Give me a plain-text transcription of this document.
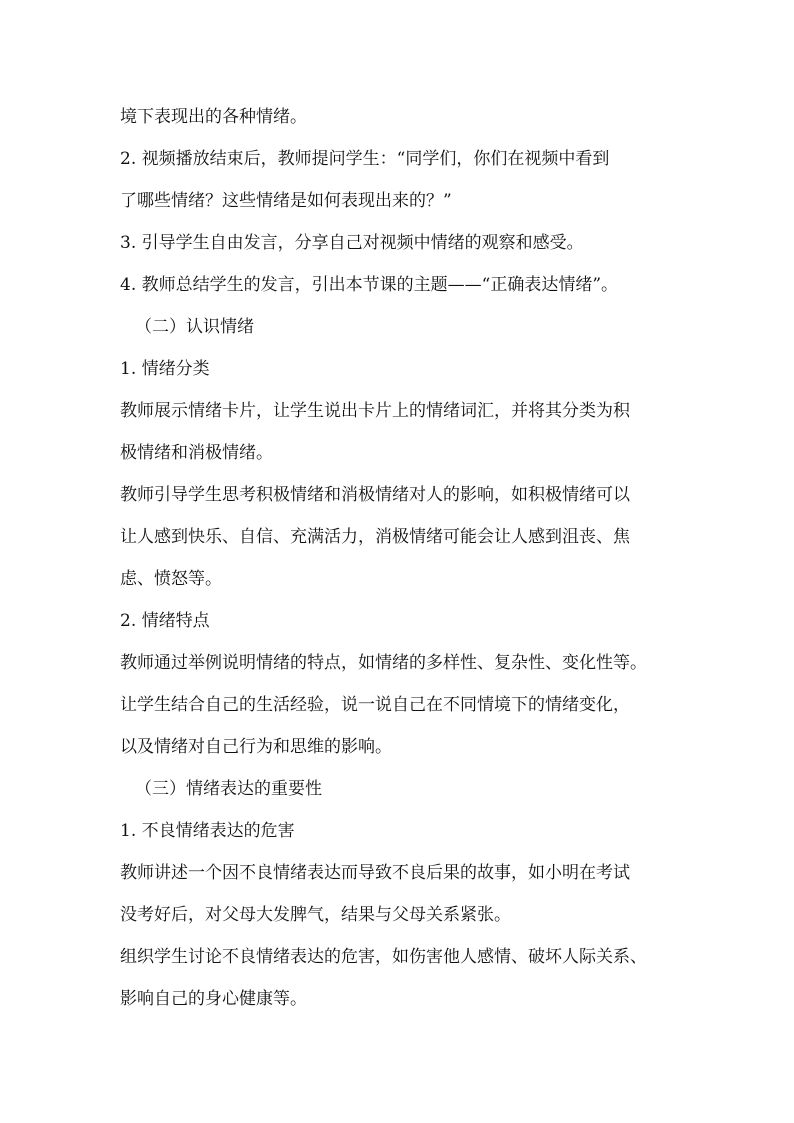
境下表现出的各种情绪。
2. 视频播放结束后，教师提问学生：“同学们，你们在视频中看到
了哪些情绪？这些情绪是如何表现出来的？”
3. 引导学生自由发言，分享自己对视频中情绪的观察和感受。
4. 教师总结学生的发言，引出本节课的主题——“正确表达情绪”。
（二）认识情绪
1. 情绪分类
教师展示情绪卡片，让学生说出卡片上的情绪词汇，并将其分类为积
极情绪和消极情绪。
教师引导学生思考积极情绪和消极情绪对人的影响，如积极情绪可以
让人感到快乐、自信、充满活力，消极情绪可能会让人感到沮丧、焦
虑、愤怒等。
2. 情绪特点
教师通过举例说明情绪的特点，如情绪的多样性、复杂性、变化性等。
让学生结合自己的生活经验，说一说自己在不同情境下的情绪变化，
以及情绪对自己行为和思维的影响。
（三）情绪表达的重要性
1. 不良情绪表达的危害
教师讲述一个因不良情绪表达而导致不良后果的故事，如小明在考试
没考好后，对父母大发脾气，结果与父母关系紧张。
组织学生讨论不良情绪表达的危害，如伤害他人感情、破坏人际关系、
影响自己的身心健康等。
